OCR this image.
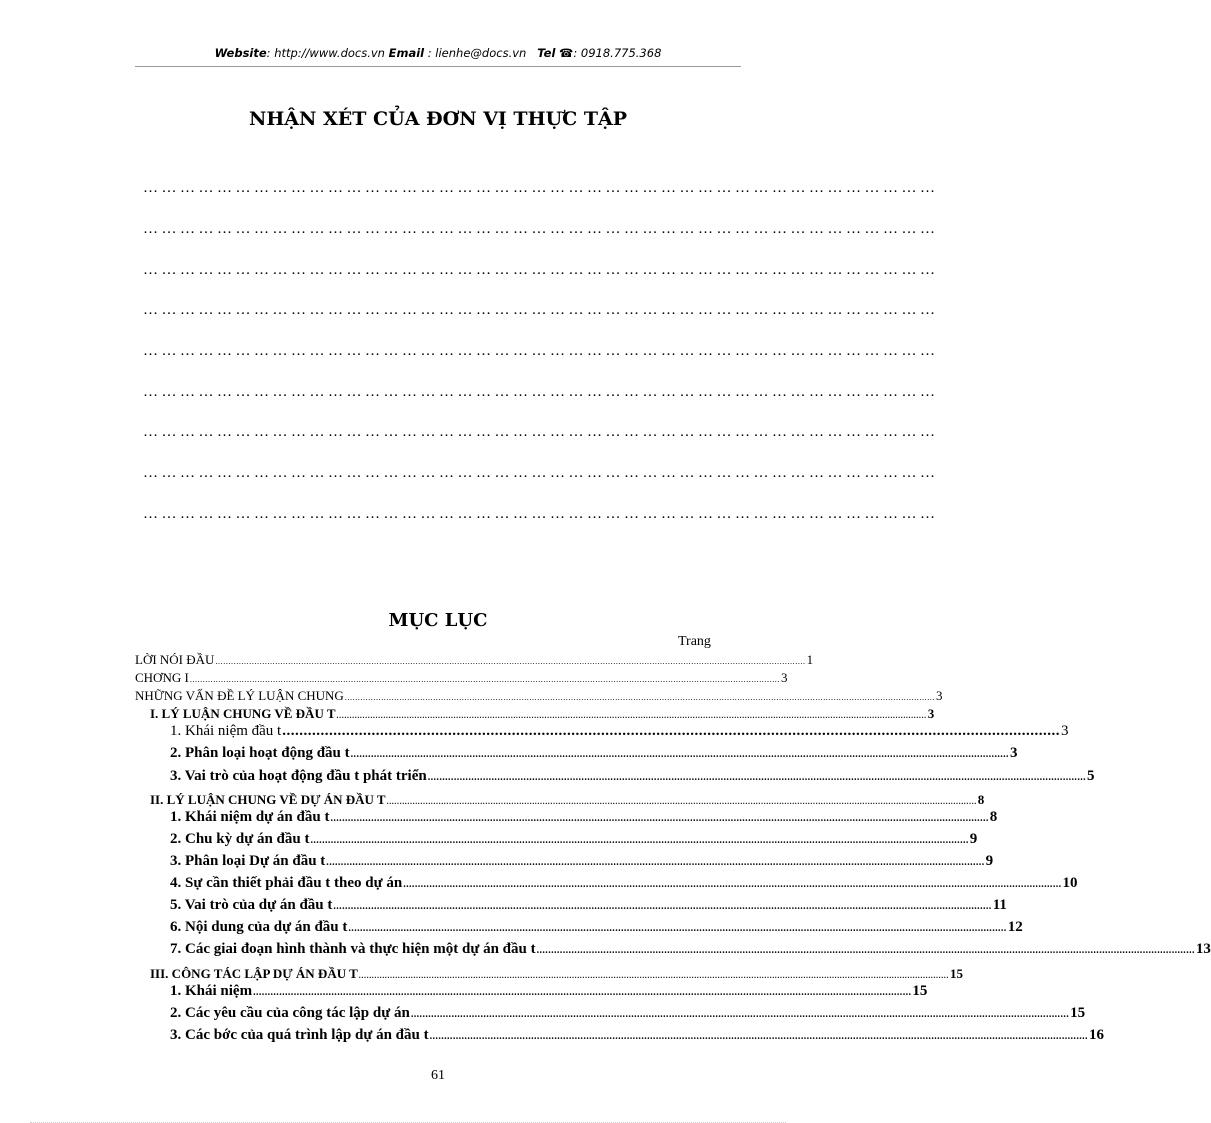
Website: http://www.docs.vn Email : lienhe@docs.vn Tel ☎: 0918.775.368
NHẬN XÉT CỦA ĐƠN VỊ THỰC TẬP
…………………………………………………………………………………………………………………
…………………………………………………………………………………………………………………
…………………………………………………………………………………………………………………
…………………………………………………………………………………………………………………
…………………………………………………………………………………………………………………
…………………………………………………………………………………………………………………
…………………………………………………………………………………………………………………
…………………………………………………………………………………………………………………
…………………………………………………………………………………………………………………
MỤC LỤC
Trang
LỜI NÓI ĐẦU ................................................................................................................................................................................................................................... 1
CHƠNG I ................................................................................................................................................................................................................................... 3
NHỮNG VẤN ĐỀ LÝ LUẬN CHUNG ................................................................................................................................................................................................................................... 3
I. LÝ LUẬN CHUNG VỀ ĐẦU T ................................................................................................................................................................................................................................... 3
1. Khái niệm đầu t ....................................................................................................................................................................................... 3
2. Phân loại hoạt động đầu t ................................................................................................................................................................................................................................... 3
3. Vai trò của hoạt động đầu t phát triển ................................................................................................................................................................................................................................... 5
II. LÝ LUẬN CHUNG VỀ DỰ ÁN ĐẦU T ................................................................................................................................................................................................................................... 8
1. Khái niệm dự án đầu t ................................................................................................................................................................................................................................... 8
2. Chu kỳ dự án đầu t ................................................................................................................................................................................................................................... 9
3. Phân loại Dự án đầu t ................................................................................................................................................................................................................................... 9
4. Sự cần thiết phải đầu t theo dự án ................................................................................................................................................................................................................................... 10
5. Vai trò của dự án đầu t ................................................................................................................................................................................................................................... 11
6. Nội dung của dự án đầu t ................................................................................................................................................................................................................................... 12
7. Các giai đoạn hình thành và thực hiện một dự án đầu t ................................................................................................................................................................................................................................... 13
III. CÔNG TÁC LẬP DỰ ÁN ĐẦU T ................................................................................................................................................................................................................................... 15
1. Khái niệm ................................................................................................................................................................................................................................... 15
2. Các yêu cầu của công tác lập dự án ................................................................................................................................................................................................................................... 15
3. Các bớc của quá trình lập dự án đầu t ................................................................................................................................................................................................................................... 16
61
